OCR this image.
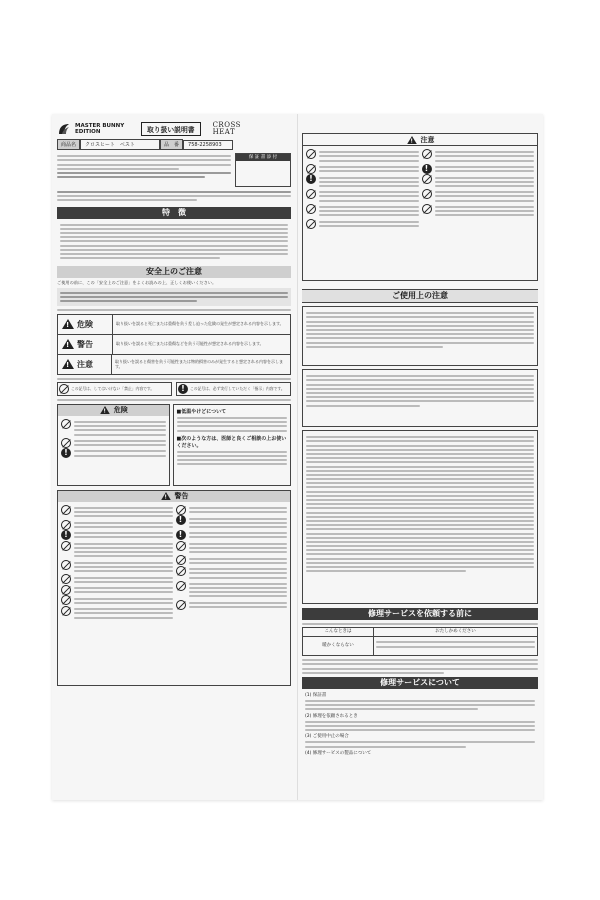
MASTER BUNNY EDITION	取り扱い説明書
CROSS HEAT
商品名	クロスヒート　ベスト	品　番	758-2258903
保 証 書 添 付
特　徴
安全上のご注意
ご使用の前に、この「安全上のご注意」をよくお読みの上、正しくお使いください。
! 危険	取り扱いを誤ると死亡または重傷を負う差し迫った危険の発生が想定される内容を示します。
! 警告	取り扱いを誤ると死亡または重傷などを負う可能性が想定される内容を示します。
! 注意	取り扱いを誤ると傷害を負う可能性または物的損害のみが発生すると想定される内容を示します。
この記号は、してはいけない「禁止」内容です。	!	この記号は、必ず実行していただく「指示」内容です。
! 危険
!
■低温やけどについて
■次のような方は、医師と良くご相談の上お使いください。
! 警告
!
!
!
! 注意
!
!
ご使用上の注意
修理サービスを依頼する前に
こんなときは	おたしかめください
暖かくならない
修理サービスについて
(1) 保証書
(2) 修理を依頼されるとき
(3) ご使用中止の場合
(4) 修理サービスの製品について
